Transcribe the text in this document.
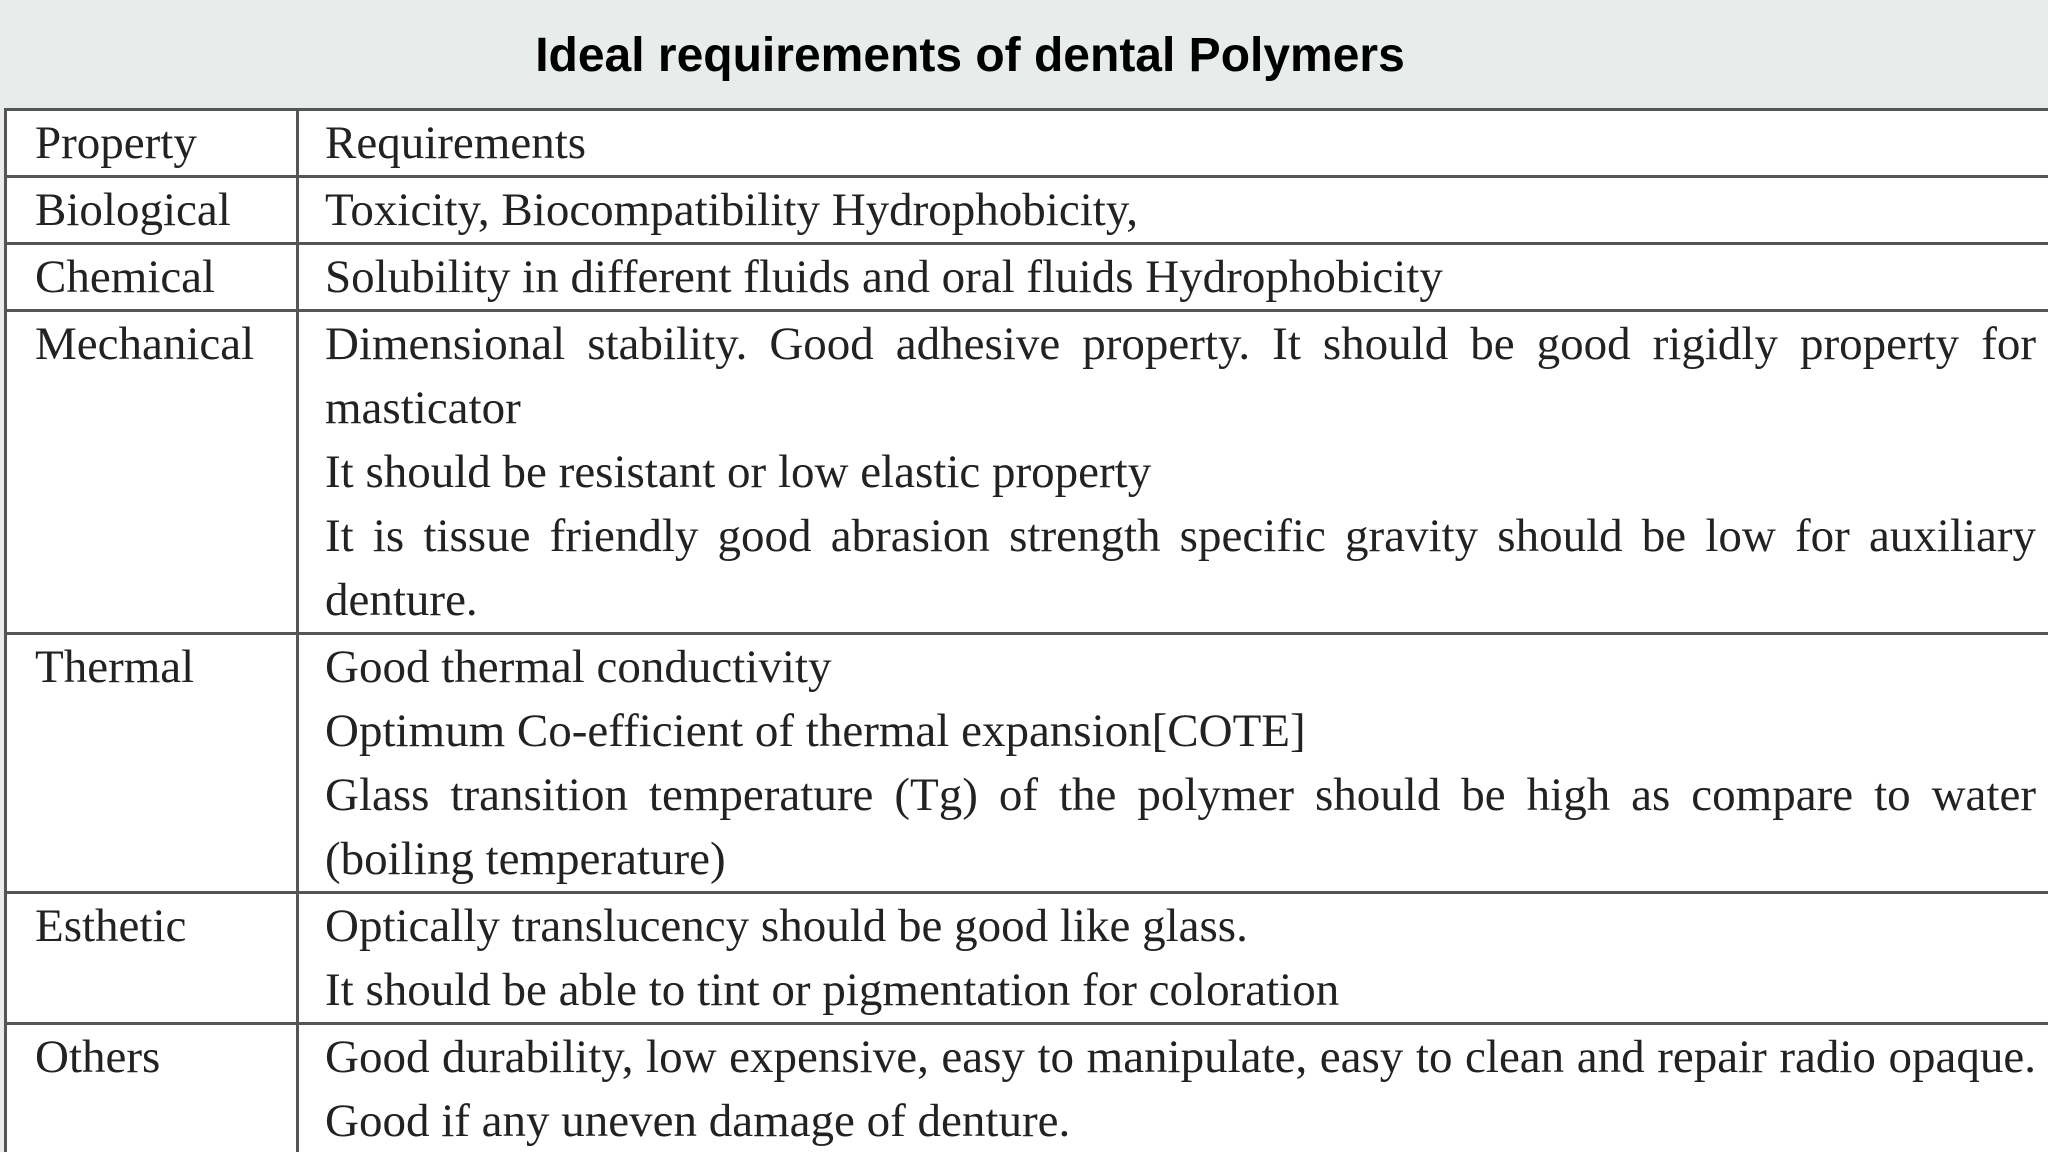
Ideal requirements of dental Polymers
Property	Requirements
Biological	Toxicity, Biocompatibility Hydrophobicity,

Chemical	Solubility in different fluids and oral fluids Hydrophobicity

Mechanical	Dimensional stability. Good adhesive property. It should be good rigidly property for masticator
It should be resistant or low elastic property
It is tissue friendly good abrasion strength specific gravity should be low for auxiliary denture.

Thermal	Good thermal conductivity
Optimum Co-efficient of thermal expansion[COTE]
Glass transition temperature (Tg) of the polymer should be high as compare to water (boiling temperature)

Esthetic	Optically translucency should be good like glass.
It should be able to tint or pigmentation for coloration

Others	Good durability, low expensive, easy to manipulate, easy to clean and repair radio opaque. Good if any uneven damage of denture.
